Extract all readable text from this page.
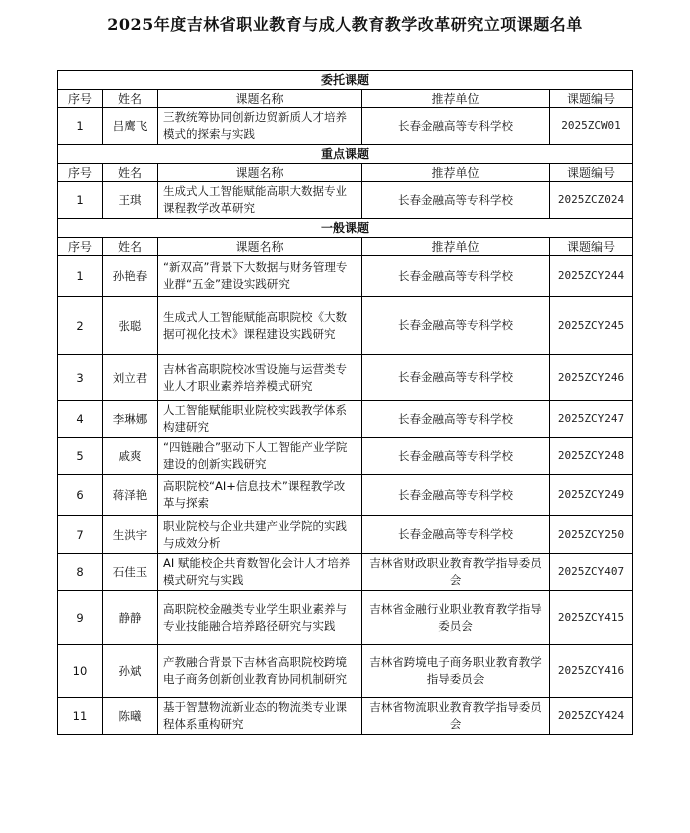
2025年度吉林省职业教育与成人教育教学改革研究立项课题名单
委托课题				
序号	姓名	课题名称	推荐单位	课题编号
1	吕鹰飞	三教统筹协同创新边贸新质人才培养模式的探索与实践	长春金融高等专科学校	2025ZCW01
重点课题				
序号	姓名	课题名称	推荐单位	课题编号
1	王琪	生成式人工智能赋能高职大数据专业课程教学改革研究	长春金融高等专科学校	2025ZCZ024
一般课题				
序号	姓名	课题名称	推荐单位	课题编号
1	孙艳春	“新双高”背景下大数据与财务管理专业群“五金”建设实践研究	长春金融高等专科学校	2025ZCY244
2	张聪	生成式人工智能赋能高职院校《大数据可视化技术》课程建设实践研究	长春金融高等专科学校	2025ZCY245
3	刘立君	吉林省高职院校冰雪设施与运营类专业人才职业素养培养模式研究	长春金融高等专科学校	2025ZCY246
4	李琳娜	人工智能赋能职业院校实践教学体系构建研究	长春金融高等专科学校	2025ZCY247
5	戚爽	“四链融合”驱动下人工智能产业学院建设的创新实践研究	长春金融高等专科学校	2025ZCY248
6	蒋泽艳	高职院校“AI+信息技术”课程教学改革与探索	长春金融高等专科学校	2025ZCY249
7	生洪宇	职业院校与企业共建产业学院的实践与成效分析	长春金融高等专科学校	2025ZCY250
8	石佳玉	AI 赋能校企共育数智化会计人才培养模式研究与实践	吉林省财政职业教育教学指导委员会	2025ZCY407
9	静静	高职院校金融类专业学生职业素养与专业技能融合培养路径研究与实践	吉林省金融行业职业教育教学指导委员会	2025ZCY415
10	孙斌	产教融合背景下吉林省高职院校跨境电子商务创新创业教育协同机制研究	吉林省跨境电子商务职业教育教学指导委员会	2025ZCY416
11	陈曦	基于智慧物流新业态的物流类专业课程体系重构研究	吉林省物流职业教育教学指导委员会	2025ZCY424
